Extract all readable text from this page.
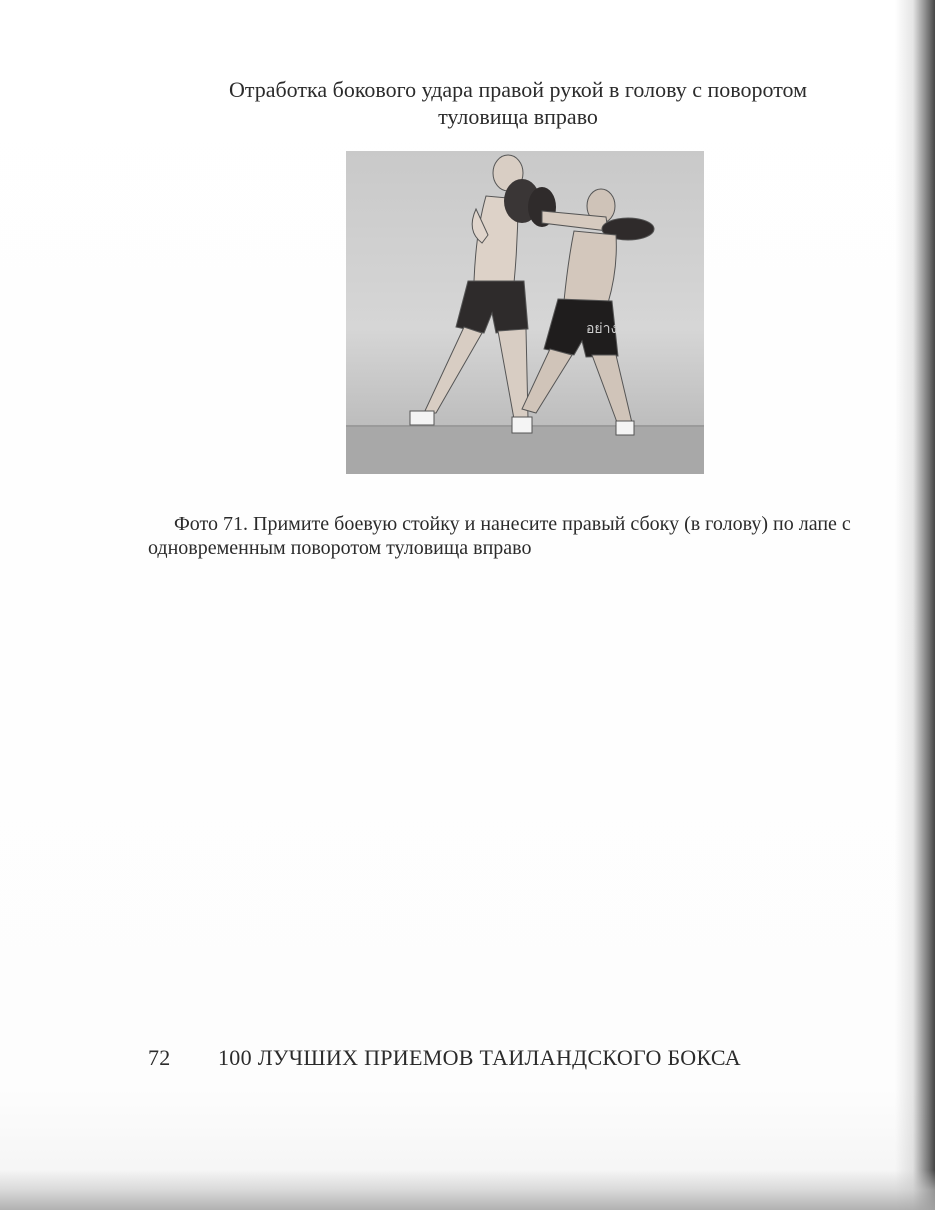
Отработка бокового удара правой рукой в голову с поворотом
туловища вправо
อย่าง
Фото 71. Примите боевую стойку и нанесите правый сбоку (в голову) по лапе с одновременным поворотом туловища вправо
72 100 ЛУЧШИХ ПРИЕМОВ ТАИЛАНДСКОГО БОКСА
